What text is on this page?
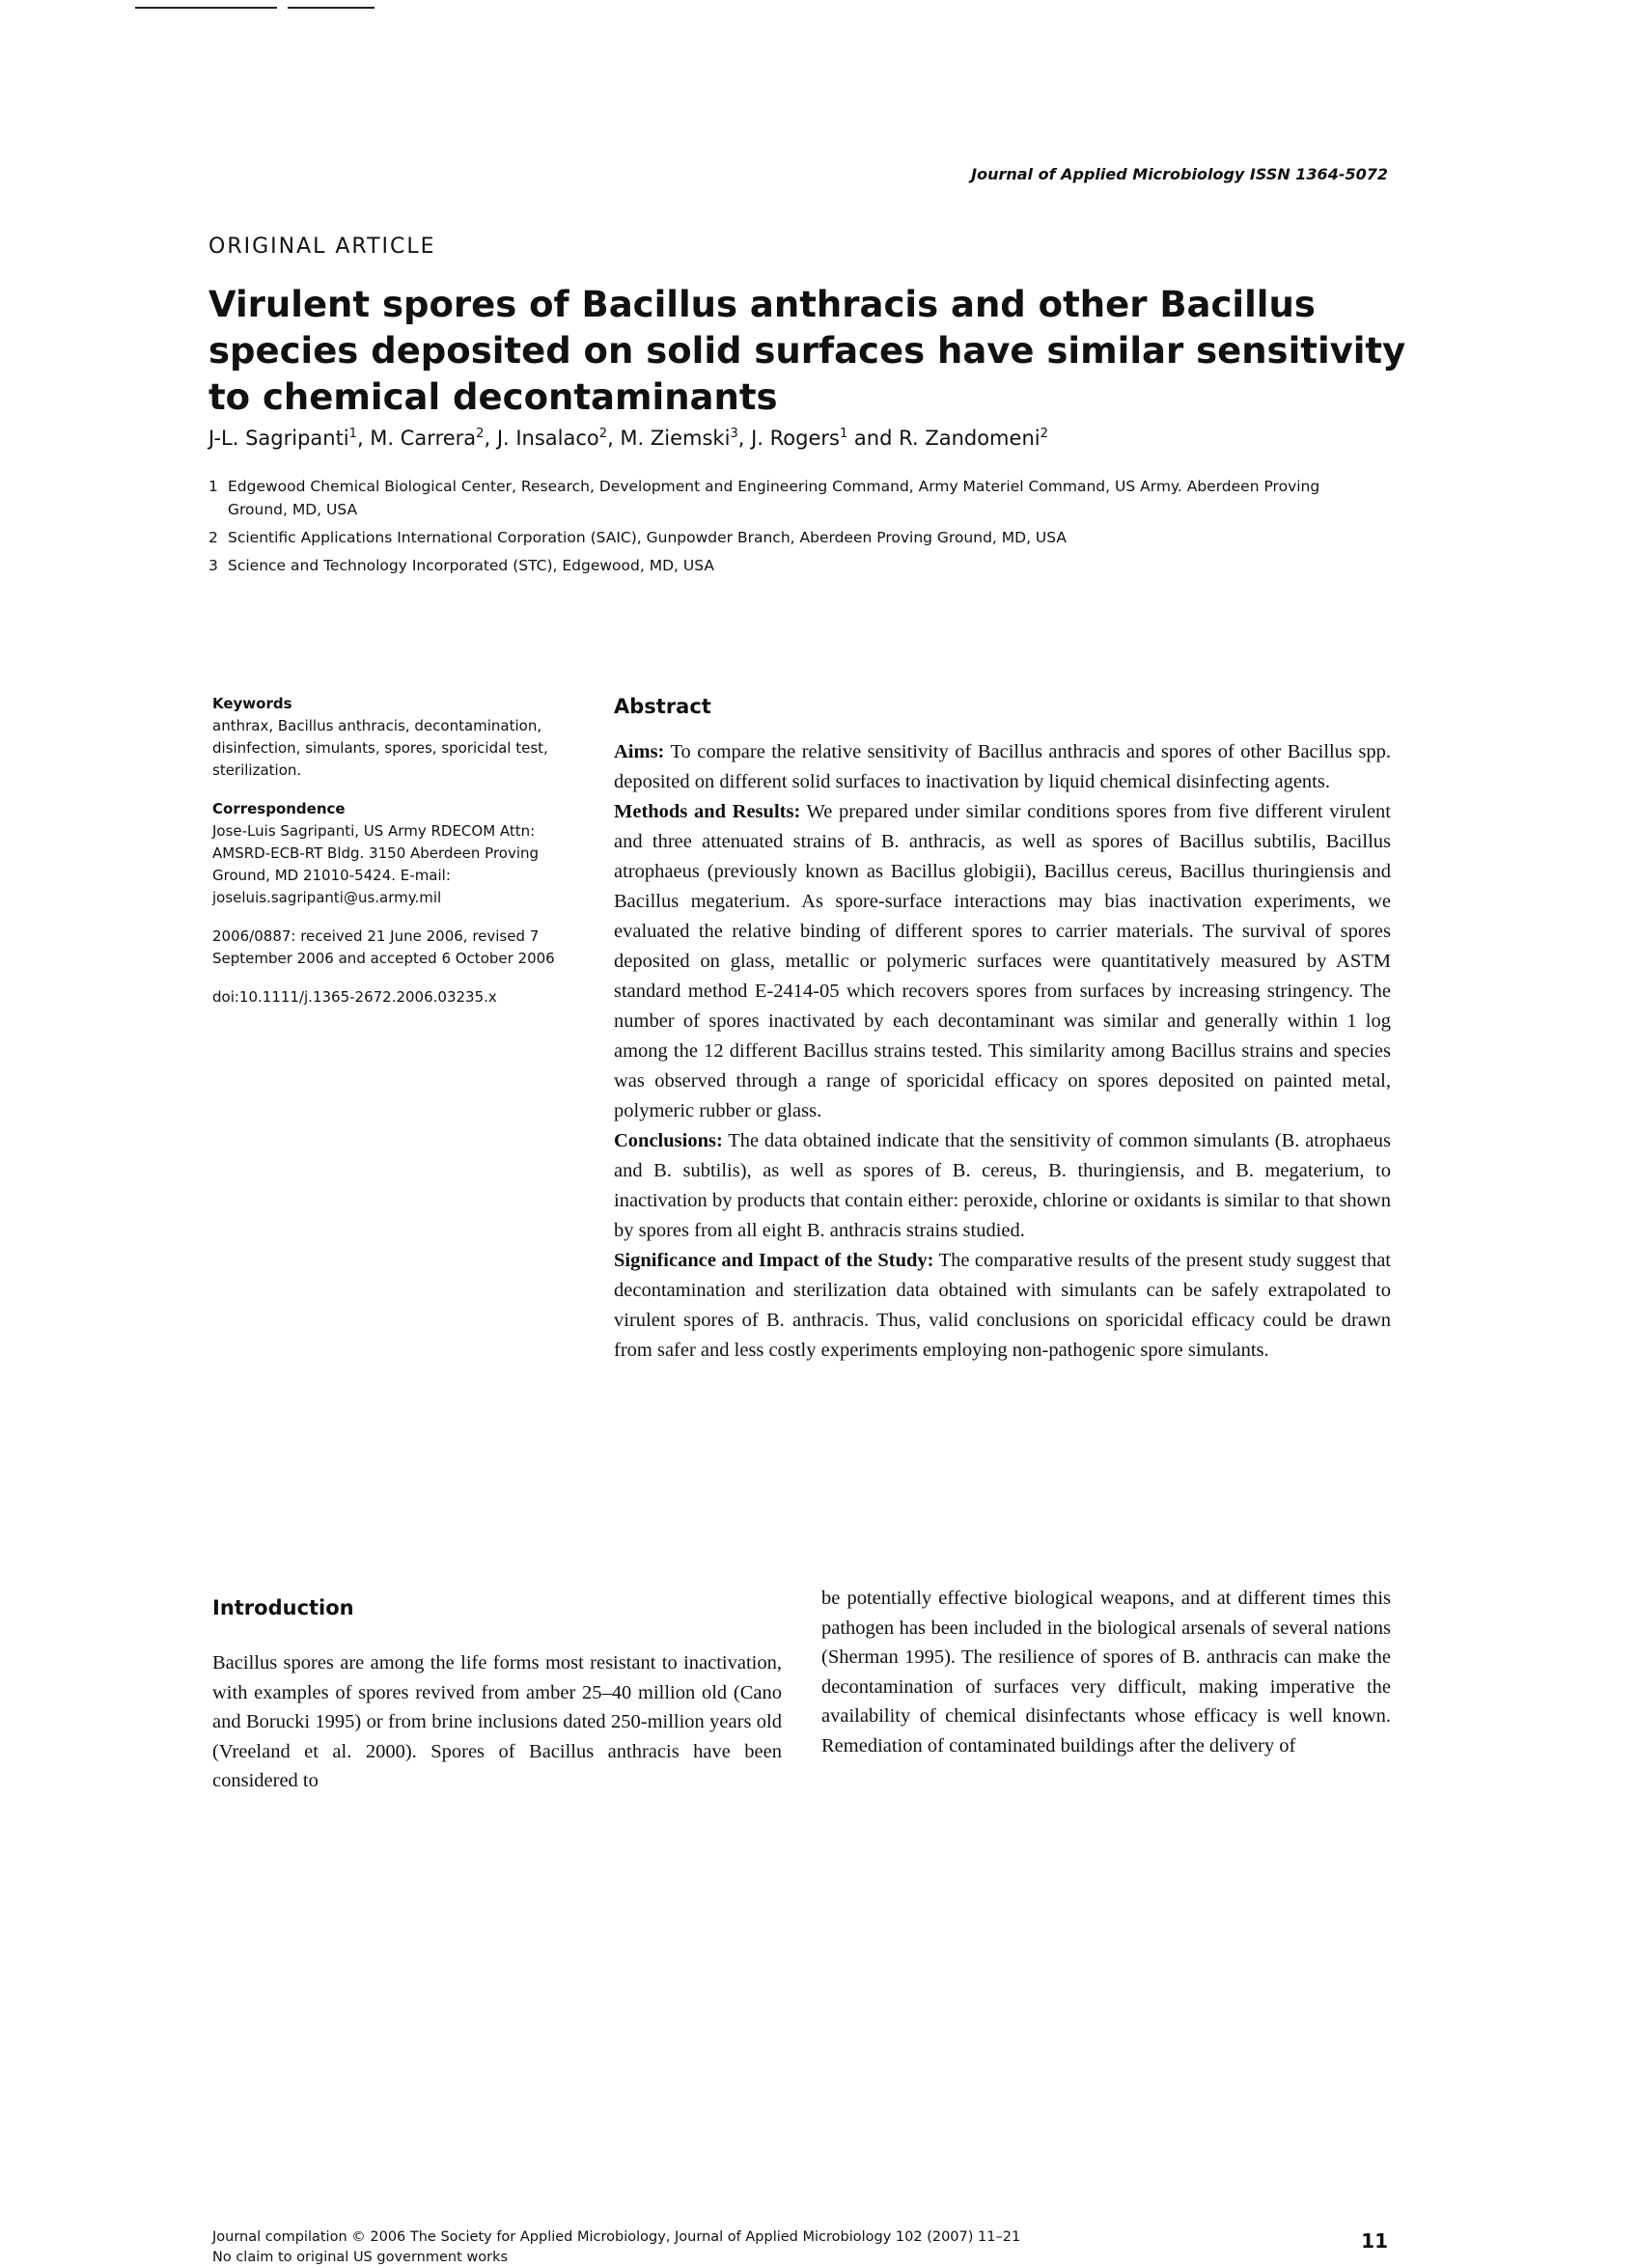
Journal of Applied Microbiology ISSN 1364-5072
ORIGINAL ARTICLE
Virulent spores of Bacillus anthracis and other Bacillus species deposited on solid surfaces have similar sensitivity to chemical decontaminants
J-L. Sagripanti$^1$, M. Carrera$^2$, J. Insalaco$^2$, M. Ziemski$^3$, J. Rogers$^1$ and R. Zandomeni$^2$
1 Edgewood Chemical Biological Center, Research, Development and Engineering Command, Army Materiel Command, US Army. Aberdeen Proving Ground, MD, USA
2 Scientific Applications International Corporation (SAIC), Gunpowder Branch, Aberdeen Proving Ground, MD, USA
3 Science and Technology Incorporated (STC), Edgewood, MD, USA
Keywords
anthrax, Bacillus anthracis, decontamination, disinfection, simulants, spores, sporicidal test, sterilization.
Correspondence
Jose-Luis Sagripanti, US Army RDECOM Attn: AMSRD-ECB-RT Bldg. 3150 Aberdeen Proving Ground, MD 21010-5424. E-mail: joseluis.sagripanti@us.army.mil
2006/0887: received 21 June 2006, revised 7 September 2006 and accepted 6 October 2006
doi:10.1111/j.1365-2672.2006.03235.x
Abstract

Aims: To compare the relative sensitivity of Bacillus anthracis and spores of other Bacillus spp. deposited on different solid surfaces to inactivation by liquid chemical disinfecting agents.

Methods and Results: We prepared under similar conditions spores from five different virulent and three attenuated strains of B. anthracis, as well as spores of Bacillus subtilis, Bacillus atrophaeus (previously known as Bacillus globigii), Bacillus cereus, Bacillus thuringiensis and Bacillus megaterium. As spore-surface interactions may bias inactivation experiments, we evaluated the relative binding of different spores to carrier materials. The survival of spores deposited on glass, metallic or polymeric surfaces were quantitatively measured by ASTM standard method E-2414-05 which recovers spores from surfaces by increasing stringency. The number of spores inactivated by each decontaminant was similar and generally within 1 log among the 12 different Bacillus strains tested. This similarity among Bacillus strains and species was observed through a range of sporicidal efficacy on spores deposited on painted metal, polymeric rubber or glass.

Conclusions: The data obtained indicate that the sensitivity of common simulants (B. atrophaeus and B. subtilis), as well as spores of B. cereus, B. thuringiensis, and B. megaterium, to inactivation by products that contain either: peroxide, chlorine or oxidants is similar to that shown by spores from all eight B. anthracis strains studied.

Significance and Impact of the Study: The comparative results of the present study suggest that decontamination and sterilization data obtained with simulants can be safely extrapolated to virulent spores of B. anthracis. Thus, valid conclusions on sporicidal efficacy could be drawn from safer and less costly experiments employing non-pathogenic spore simulants.

Introduction
Bacillus spores are among the life forms most resistant to inactivation, with examples of spores revived from amber 25–40 million old (Cano and Borucki 1995) or from brine inclusions dated 250-million years old (Vreeland et al. 2000). Spores of Bacillus anthracis have been considered to
be potentially effective biological weapons, and at different times this pathogen has been included in the biological arsenals of several nations (Sherman 1995). The resilience of spores of B. anthracis can make the decontamination of surfaces very difficult, making imperative the availability of chemical disinfectants whose efficacy is well known. Remediation of contaminated buildings after the delivery of
Journal compilation © 2006 The Society for Applied Microbiology, Journal of Applied Microbiology 102 (2007) 11–21
No claim to original US government works
11
